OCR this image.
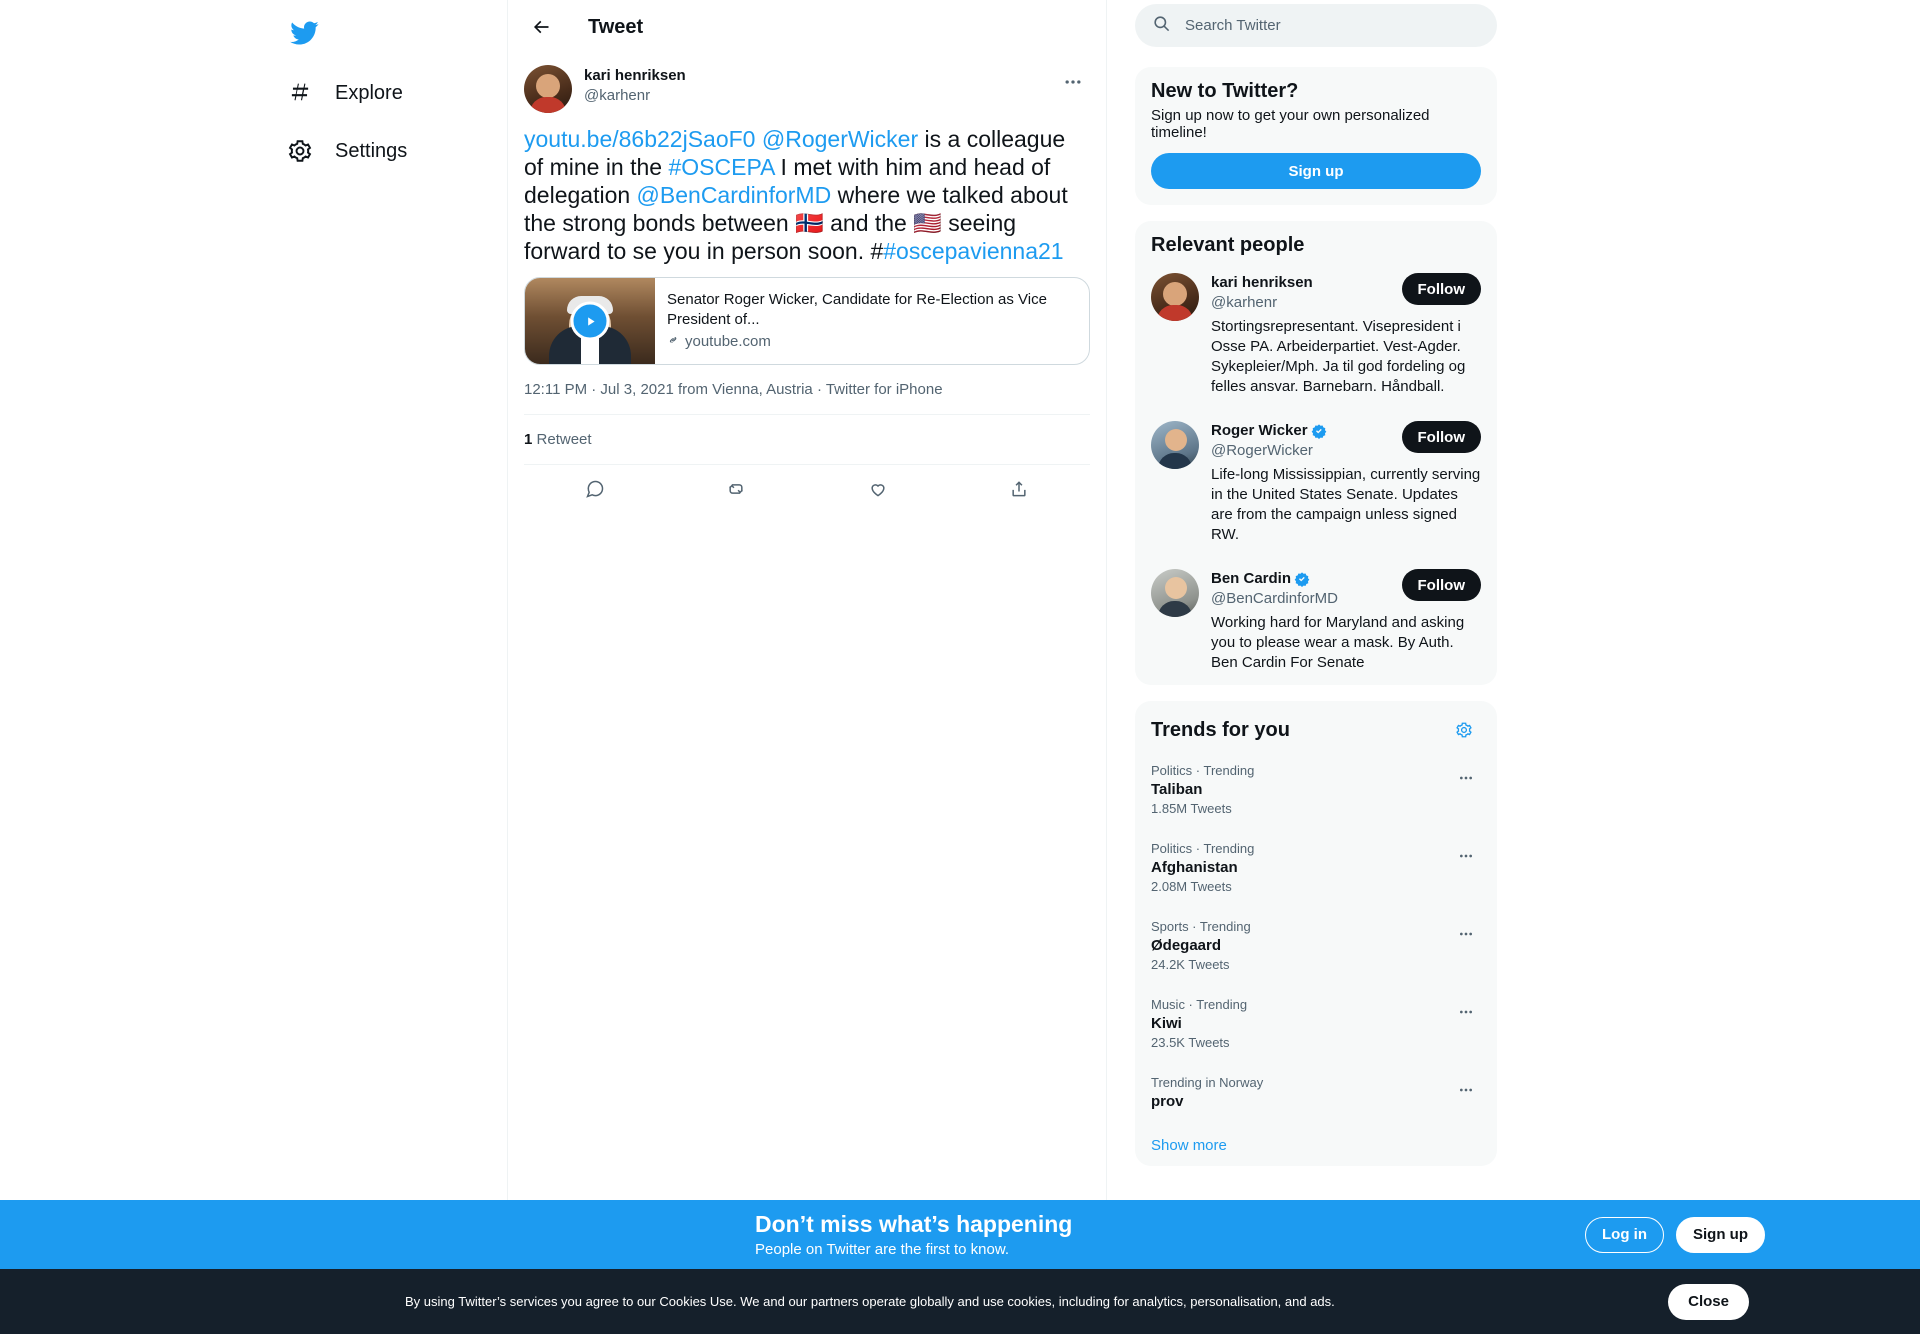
Explore
Settings
Tweet
kari henriksen
@karhenr
youtu.be/86b22jSaoF0 @RogerWicker is a colleague of mine in the #OSCEPA I met with him and head of delegation @BenCardinforMD where we talked about the strong bonds between 🇳🇴 and the 🇺🇸 seeing forward to se you in person soon. ##oscepavienna21
Senator Roger Wicker, Candidate for Re-Election as Vice President of...
youtube.com
12:11 PM · Jul 3, 2021 from Vienna, Austria · Twitter for iPhone
1 Retweet
Search Twitter
New to Twitter?
Sign up now to get your own personalized timeline!
Sign up
Relevant people
kari henriksen
@karhenr
Follow
Stortingsrepresentant. Visepresident i Osse PA. Arbeiderpartiet. Vest-Agder. Sykepleier/Mph. Ja til god fordeling og felles ansvar. Barnebarn. Håndball.
Roger Wicker
@RogerWicker
Follow
Life-long Mississippian, currently serving in the United States Senate. Updates are from the campaign unless signed RW.
Ben Cardin
@BenCardinforMD
Follow
Working hard for Maryland and asking you to please wear a mask. By Auth. Ben Cardin For Senate
Trends for you
Politics · Trending
Taliban
1.85M Tweets
Politics · Trending
Afghanistan
2.08M Tweets
Sports · Trending
Ødegaard
24.2K Tweets
Music · Trending
Kiwi
23.5K Tweets
Trending in Norway
prov
Show more
Don’t miss what’s happening
People on Twitter are the first to know.
Log in	Sign up
By using Twitter’s services you agree to our Cookies Use. We and our partners operate globally and use cookies, including for analytics, personalisation, and ads.	Close
